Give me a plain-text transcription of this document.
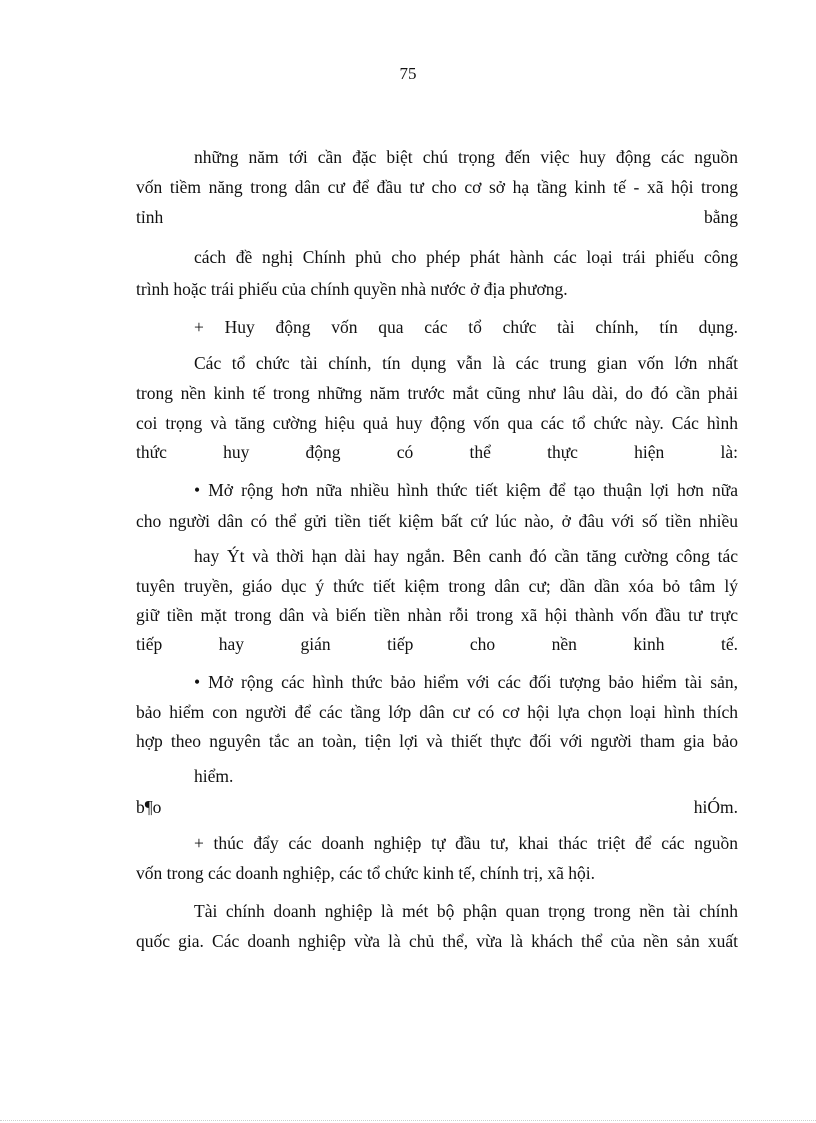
75
những năm tới cần đặc biệt chú trọng đến việc huy động các nguồn
vốn tiềm năng trong dân cư để đầu tư cho cơ sở hạ tầng kinh tế - xã hội trong
tỉnh	bằng
cách đề nghị Chính phủ cho phép phát hành các loại trái phiếu công
trình hoặc trái phiếu của chính quyền nhà nước ở địa phương.
+ Huy động vốn qua các tổ chức tài chính, tín dụng.
Các tổ chức tài chính, tín dụng vẫn là các trung gian vốn lớn nhất
trong nền kinh tế trong những năm trước mắt cũng như lâu dài, do đó cần phải
coi trọng và tăng cường hiệu quả huy động vốn qua các tổ chức này. Các hình
thức huy động có thể thực hiện là:
• Mở rộng hơn nữa nhiều hình thức tiết kiệm để tạo thuận lợi hơn nữa
cho người dân có thể gửi tiền tiết kiệm bất cứ lúc nào, ở đâu với số tiền nhiều
hay Ýt và thời hạn dài hay ngắn. Bên canh đó cần tăng cường công tác
tuyên truyền, giáo dục ý thức tiết kiệm trong dân cư; dần dần xóa bỏ tâm lý
giữ tiền mặt trong dân và biến tiền nhàn rỗi trong xã hội thành vốn đầu tư trực
tiếp hay gián tiếp cho nền kinh tế.
• Mở rộng các hình thức bảo hiểm với các đối tượng bảo hiểm tài sản,
bảo hiểm con người để các tầng lớp dân cư có cơ hội lựa chọn loại hình thích
hợp theo nguyên tắc an toàn, tiện lợi và thiết thực đối với người tham gia bảo
hiểm.
b¶o	hiÓm.
+ thúc đẩy các doanh nghiệp tự đầu tư, khai thác triệt để các nguồn
vốn trong các doanh nghiệp, các tổ chức kinh tế, chính trị, xã hội.
Tài chính doanh nghiệp là mét bộ phận quan trọng trong nền tài chính
quốc gia. Các doanh nghiệp vừa là chủ thể, vừa là khách thể của nền sản xuất
